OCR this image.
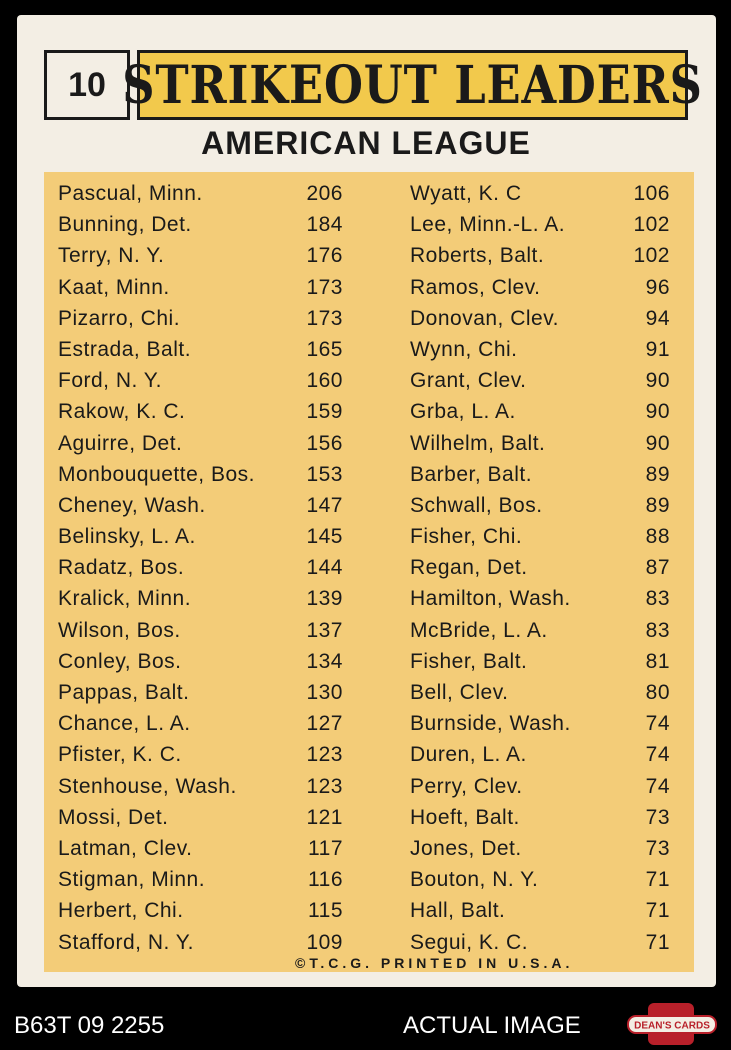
10 STRIKEOUT LEADERS
AMERICAN LEAGUE
Pascual, Minn.	206
Bunning, Det.	184
Terry, N. Y.	176
Kaat, Minn.	173
Pizarro, Chi.	173
Estrada, Balt.	165
Ford, N. Y.	160
Rakow, K. C.	159
Aguirre, Det.	156
Monbouquette, Bos. 153
Cheney, Wash.	147
Belinsky, L. A.	145
Radatz, Bos.	144
Kralick, Minn.	139
Wilson, Bos.	137
Conley, Bos.	134
Pappas, Balt.	130
Chance, L. A.	127
Pfister, K. C.	123
Stenhouse, Wash.	123
Mossi, Det.	121
Latman, Clev.	117
Stigman, Minn.	116
Herbert, Chi.	115
Stafford, N. Y.	109
Wyatt, K. C	106
Lee, Minn.-L. A.	102
Roberts, Balt.	102
Ramos, Clev.	96
Donovan, Clev.	94
Wynn, Chi.	91
Grant, Clev.	90
Grba, L. A.	90
Wilhelm, Balt.	90
Barber, Balt.	89
Schwall, Bos.	89
Fisher, Chi.	88
Regan, Det.	87
Hamilton, Wash.	83
McBride, L. A.	83
Fisher, Balt.	81
Bell, Clev.	80
Burnside, Wash.	74
Duren, L. A.	74
Perry, Clev.	74
Hoeft, Balt.	73
Jones, Det.	73
Bouton, N. Y.	71
Hall, Balt.	71
Segui, K. C.	71
©T.C.G. PRINTED IN U.S.A.
B63T 09 2255	ACTUAL IMAGE	DEAN'S CARDS
